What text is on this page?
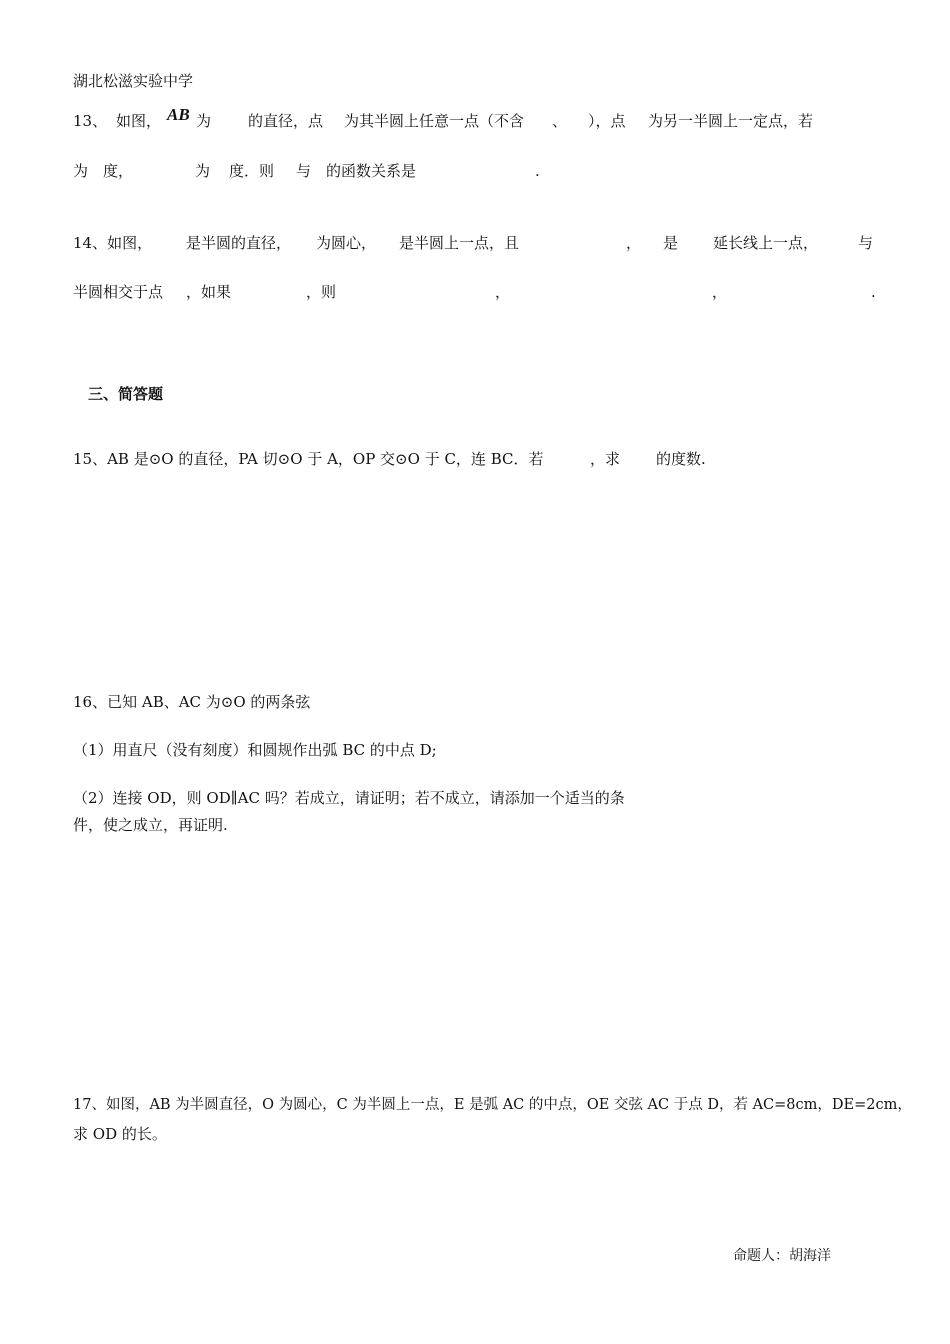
湖北松滋实验中学
13、 如图， AB 为 的直径，点 为其半圆上任意一点（不含 、 ），点 为另一半圆上一定点，若
为 度，	为 度．则 与 的函数关系是	.
14、如图， 是半圆的直径， 为圆心， 是半圆上一点，且	， 是 延长线上一点，	与
半圆相交于点 ，如果	，则	，	，	.
三、简答题
15、AB 是⊙O 的直径，PA 切⊙O 于 A，OP 交⊙O 于 C，连 BC．若	，求 的度数.
16、已知 AB、AC 为⊙O 的两条弦
（1）用直尺（没有刻度）和圆规作出弧 BC 的中点 D;
（2）连接 OD，则 OD∥AC 吗？若成立，请证明；若不成立，请添加一个适当的条
件，使之成立，再证明.
17、如图，AB 为半圆直径，O 为圆心，C 为半圆上一点，E 是弧 AC 的中点，OE 交弦 AC 于点 D，若 AC=8cm，DE=2cm，
求 OD 的长。
命题人：胡海洋
